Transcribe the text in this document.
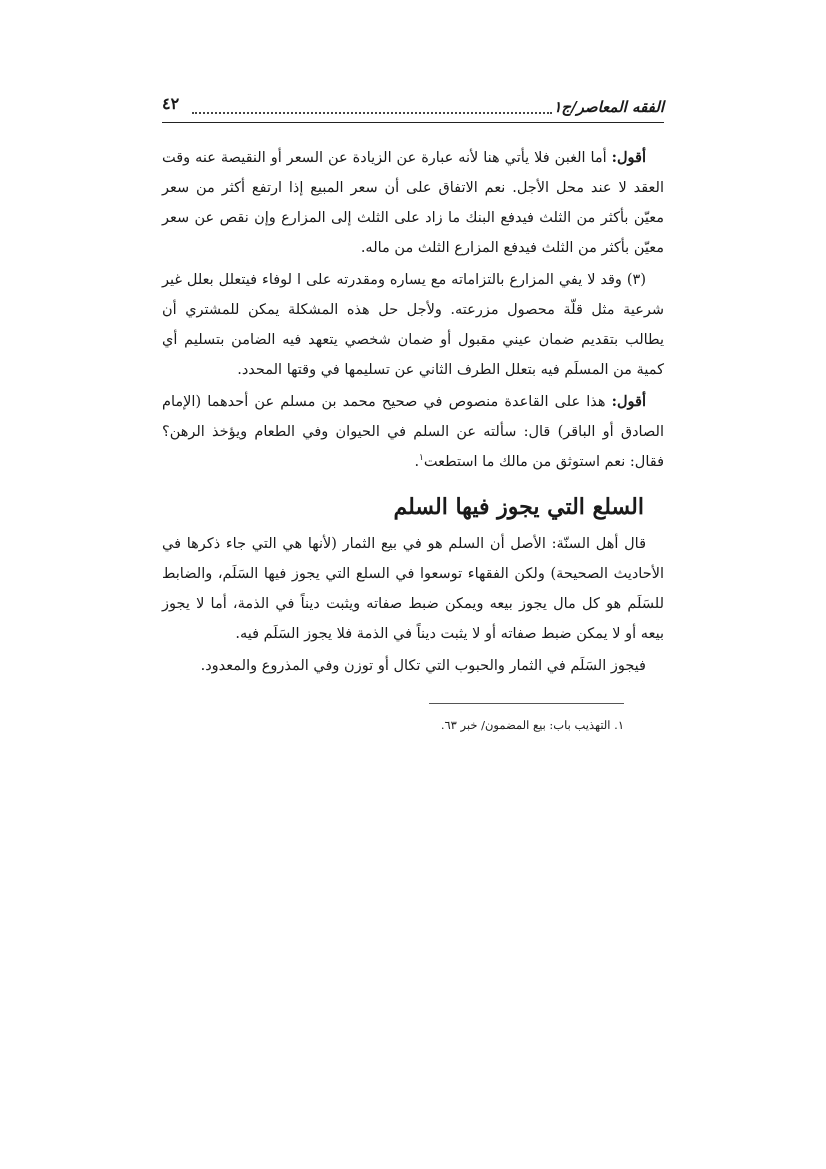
الفقه المعاصر/ج١
٤٢

أقول: أما الغبن فلا يأتي هنا لأنه عبارة عن الزيادة عن السعر أو النقيصة عنه وقت العقد لا عند محل الأجل. نعم الاتفاق على أن سعر المبيع إذا ارتفع أكثر من سعر معيّن بأكثر من الثلث فيدفع البنك ما زاد على الثلث إلى المزارع وإن نقص عن سعر معيّن بأكثر من الثلث فيدفع المزارع الثلث من ماله.

(٣) وقد لا يفي المزارع بالتزاماته مع يساره ومقدرته على ا لوفاء فيتعلل بعلل غير شرعية مثل قلّة محصول مزرعته. ولأجل حل هذه المشكلة يمكن للمشتري أن يطالب بتقديم ضمان عيني مقبول أو ضمان شخصي يتعهد فيه الضامن بتسليم أي كمية من المسلَم فيه بتعلل الطرف الثاني عن تسليمها في وقتها المحدد.

أقول: هذا على القاعدة منصوص في صحيح محمد بن مسلم عن أحدهما (الإمام الصادق أو الباقر) قال: سألته عن السلم في الحيوان وفي الطعام ويؤخذ الرهن؟ فقال: نعم استوثق من مالك ما استطعت$^١$.

السلع التي يجوز فيها السلم

قال أهل السنّة: الأصل أن السلم هو في بيع الثمار (لأنها هي التي جاء ذكرها في الأحاديث الصحيحة) ولكن الفقهاء توسعوا في السلع التي يجوز فيها السَلَم، والضابط للسَلَم هو كل مال يجوز بيعه ويمكن ضبط صفاته ويثبت ديناً في الذمة، أما لا يجوز بيعه أو لا يمكن ضبط صفاته أو لا يثبت ديناً في الذمة فلا يجوز السَلَم فيه.

فيجوز السَلَم في الثمار والحبوب التي تكال أو توزن وفي المذروع والمعدود.

١. التهذيب باب: بيع المضمون/ خبر ٦٣.
